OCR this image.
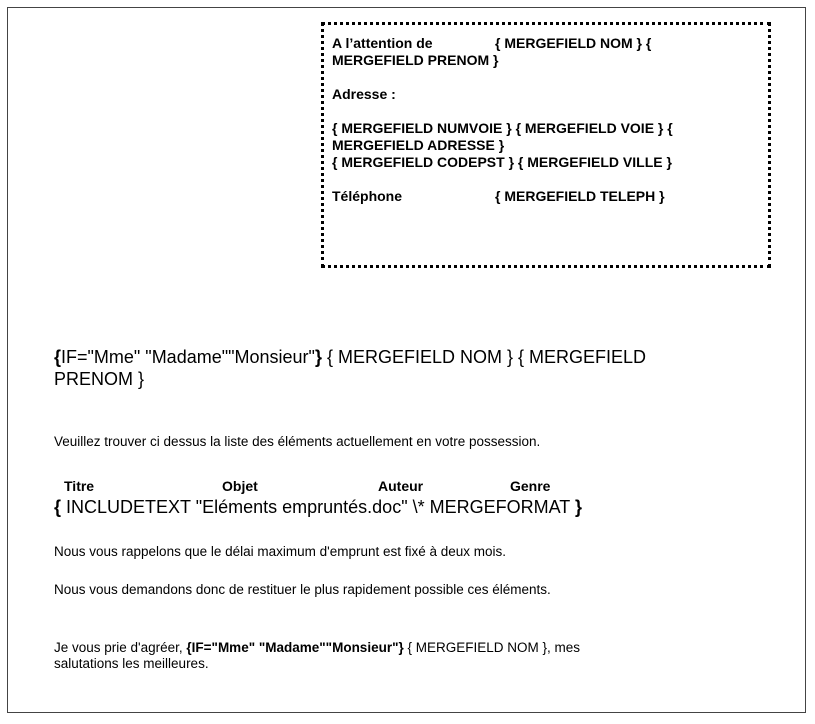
A l’attention de	{ MERGEFIELD NOM } {
MERGEFIELD PRENOM }
Adresse :
{ MERGEFIELD NUMVOIE } { MERGEFIELD VOIE } {
MERGEFIELD ADRESSE }
{ MERGEFIELD CODEPST } { MERGEFIELD VILLE }
Téléphone	{ MERGEFIELD TELEPH }
{IF="Mme" "Madame""Monsieur"} { MERGEFIELD NOM } { MERGEFIELD
PRENOM }
Veuillez trouver ci dessus la liste des éléments actuellement en votre possession.
Titre	Objet	Auteur	Genre
{ INCLUDETEXT "Eléments empruntés.doc" \* MERGEFORMAT }
Nous vous rappelons que le délai maximum d'emprunt est fixé à deux mois.
Nous vous demandons donc de restituer le plus rapidement possible ces éléments.
Je vous prie d'agréer, {IF="Mme" "Madame""Monsieur"} { MERGEFIELD NOM }, mes
salutations les meilleures.
